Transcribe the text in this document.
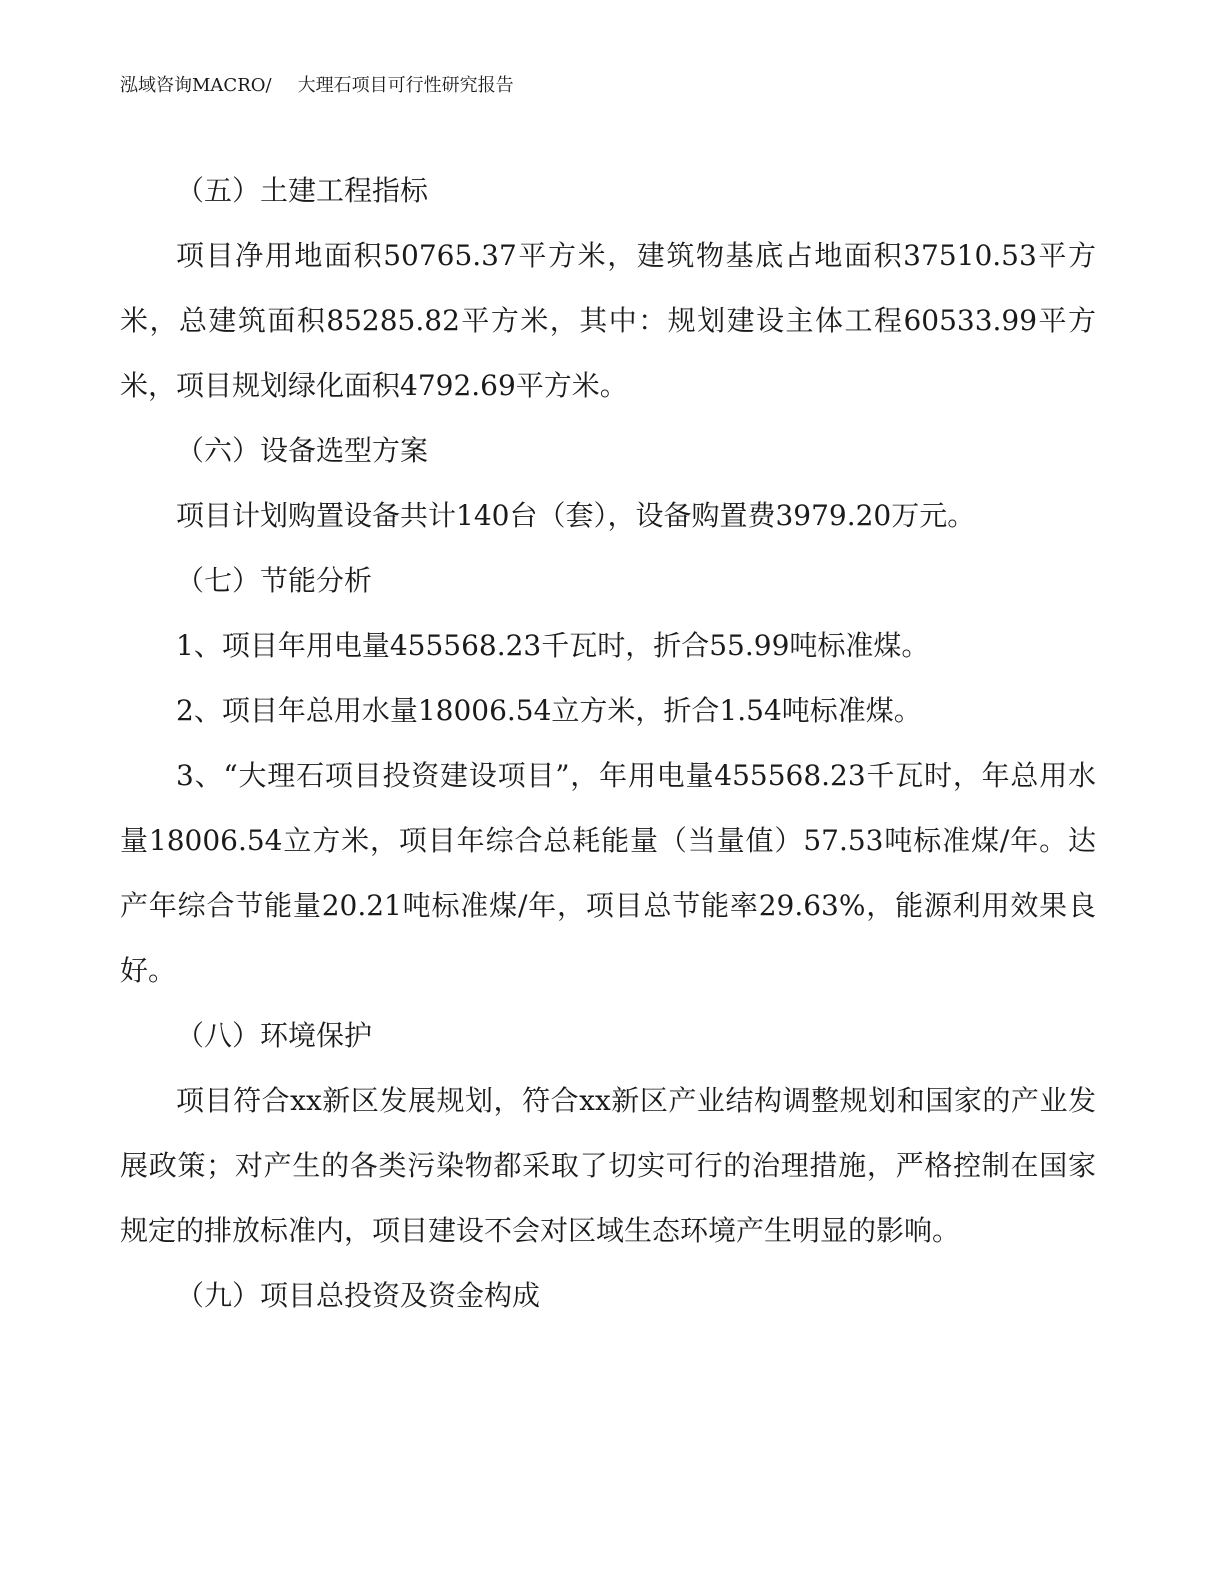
泓域咨询MACRO/ 大理石项目可行性研究报告

（五）土建工程指标

项目净用地面积50765.37平方米，建筑物基底占地面积37510.53平方米，总建筑面积85285.82平方米，其中：规划建设主体工程60533.99平方米，项目规划绿化面积4792.69平方米。

（六）设备选型方案

项目计划购置设备共计140台（套），设备购置费3979.20万元。

（七）节能分析

1、项目年用电量455568.23千瓦时，折合55.99吨标准煤。

2、项目年总用水量18006.54立方米，折合1.54吨标准煤。

3、“大理石项目投资建设项目”，年用电量455568.23千瓦时，年总用水量18006.54立方米，项目年综合总耗能量（当量值）57.53吨标准煤/年。达产年综合节能量20.21吨标准煤/年，项目总节能率29.63%，能源利用效果良好。

（八）环境保护

项目符合xx新区发展规划，符合xx新区产业结构调整规划和国家的产业发展政策；对产生的各类污染物都采取了切实可行的治理措施，严格控制在国家规定的排放标准内，项目建设不会对区域生态环境产生明显的影响。

（九）项目总投资及资金构成
